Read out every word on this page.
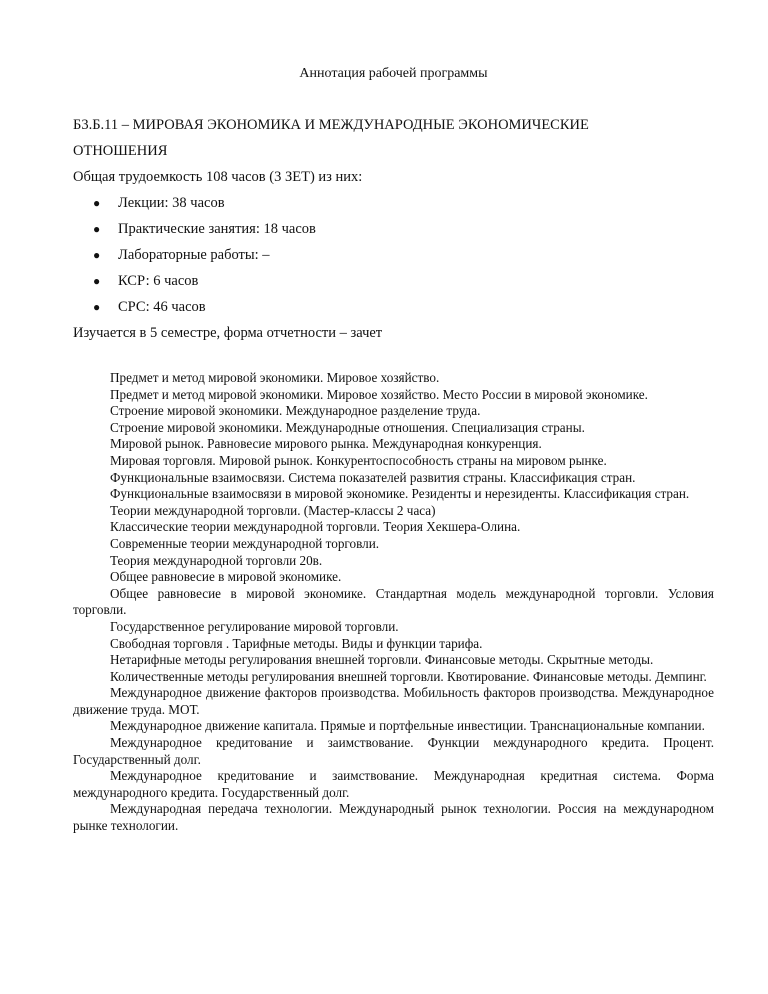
Аннотация рабочей программы

Б3.Б.11 – МИРОВАЯ ЭКОНОМИКА И МЕЖДУНАРОДНЫЕ ЭКОНОМИЧЕСКИЕ

ОТНОШЕНИЯ

Общая трудоемкость 108 часов (3 ЗЕТ) из них:

● Лекции: 38 часов
● Практические занятия: 18 часов
● Лабораторные работы: –
● КСР: 6 часов
● СРС: 46 часов

Изучается в 5 семестре, форма отчетности – зачет

Предмет и метод мировой экономики. Мировое хозяйство.

Предмет и метод мировой экономики. Мировое хозяйство. Место России в мировой экономике.

Строение мировой экономики. Международное разделение труда.

Строение мировой экономики. Международные отношения. Специализация страны.

Мировой рынок. Равновесие мирового рынка. Международная конкуренция.

Мировая торговля. Мировой рынок. Конкурентоспособность страны на мировом рынке.

Функциональные взаимосвязи. Система показателей развития страны. Классификация стран.

Функциональные взаимосвязи в мировой экономике. Резиденты и нерезиденты. Классификация стран.

Теории международной торговли. (Мастер-классы 2 часа)

Классические теории международной торговли. Теория Хекшера-Олина.

Современные теории международной торговли.

Теория международной торговли 20в.

Общее равновесие в мировой экономике.

Общее равновесие в мировой экономике. Стандартная модель международной торговли. Условия торговли.

Государственное регулирование мировой торговли.

Свободная торговля . Тарифные методы. Виды и функции тарифа.

Нетарифные методы регулирования внешней торговли. Финансовые методы. Скрытные методы.

Количественные методы регулирования внешней торговли. Квотирование. Финансовые методы. Демпинг.

Международное движение факторов производства. Мобильность факторов производства. Международное движение труда. МОТ.

Международное движение капитала. Прямые и портфельные инвестиции. Транснациональные компании.

Международное кредитование и заимствование. Функции международного кредита. Процент. Государственный долг.

Международное кредитование и заимствование. Международная кредитная система. Форма международного кредита. Государственный долг.

Международная передача технологии. Международный рынок технологии. Россия на международном рынке технологии.
